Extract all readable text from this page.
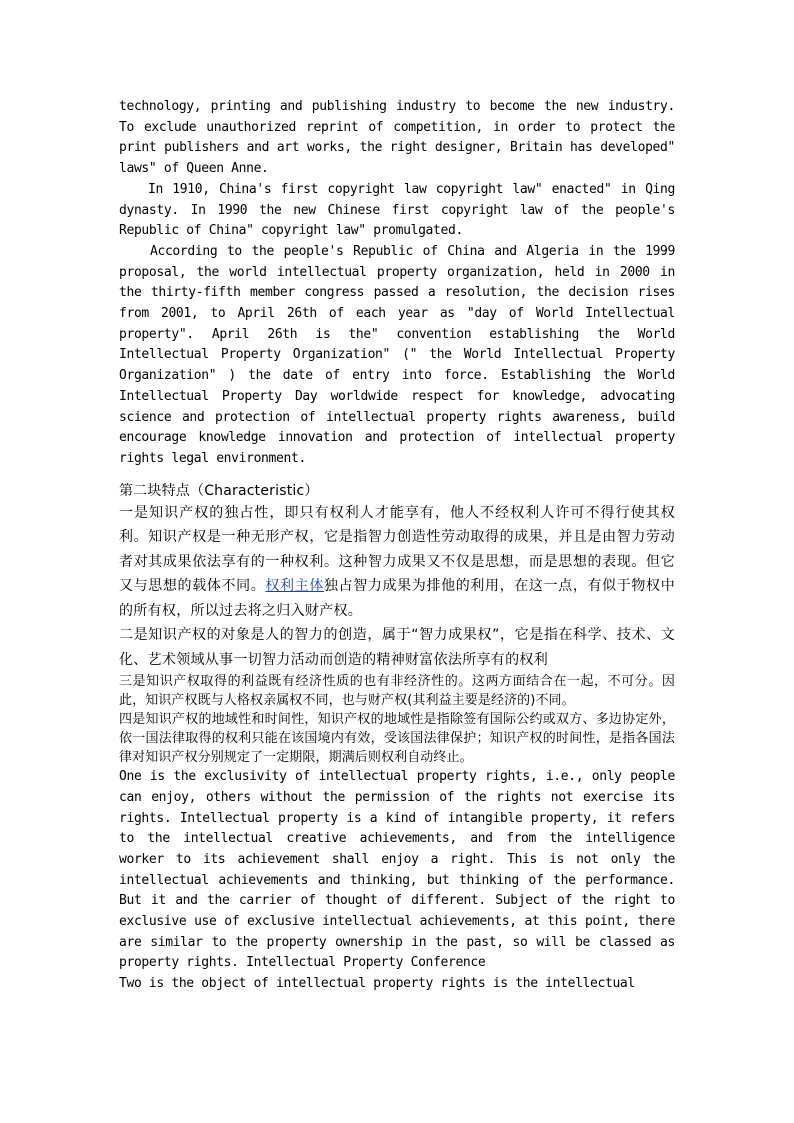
technology, printing and publishing industry to become the new industry. To exclude unauthorized reprint of competition, in order to protect the print publishers and art works, the right designer, Britain has developed" laws" of Queen Anne.

In 1910, China's first copyright law copyright law" enacted" in Qing dynasty. In 1990 the new Chinese first copyright law of the people's Republic of China" copyright law" promulgated.

According to the people's Republic of China and Algeria in the 1999 proposal, the world intellectual property organization, held in 2000 in the thirty-fifth member congress passed a resolution, the decision rises from 2001, to April 26th of each year as "day of World Intellectual property". April 26th is the" convention establishing the World Intellectual Property Organization" (" the World Intellectual Property Organization" ) the date of entry into force. Establishing the World Intellectual Property Day worldwide respect for knowledge, advocating science and protection of intellectual property rights awareness, build encourage knowledge innovation and protection of intellectual property rights legal environment.

第二块特点（Characteristic）

一是知识产权的独占性，即只有权利人才能享有，他人不经权利人许可不得行使其权利。知识产权是一种无形产权，它是指智力创造性劳动取得的成果，并且是由智力劳动者对其成果依法享有的一种权利。这种智力成果又不仅是思想，而是思想的表现。但它又与思想的载体不同。权利主体独占智力成果为排他的利用，在这一点，有似于物权中的所有权，所以过去将之归入财产权。

二是知识产权的对象是人的智力的创造，属于“智力成果权”，它是指在科学、技术、文化、艺术领域从事一切智力活动而创造的精神财富依法所享有的权利

三是知识产权取得的利益既有经济性质的也有非经济性的。这两方面结合在一起，不可分。因此，知识产权既与人格权亲属权不同，也与财产权(其利益主要是经济的)不同。

四是知识产权的地域性和时间性，知识产权的地域性是指除签有国际公约或双方、多边协定外，依一国法律取得的权利只能在该国境内有效，受该国法律保护；知识产权的时间性，是指各国法律对知识产权分别规定了一定期限，期满后则权利自动终止。

One is the exclusivity of intellectual property rights, i.e., only people can enjoy, others without the permission of the rights not exercise its rights. Intellectual property is a kind of intangible property, it refers to the intellectual creative achievements, and from the intelligence worker to its achievement shall enjoy a right. This is not only the intellectual achievements and thinking, but thinking of the performance. But it and the carrier of thought of different. Subject of the right to exclusive use of exclusive intellectual achievements, at this point, there are similar to the property ownership in the past, so will be classed as property rights. Intellectual Property Conference

Two is the object of intellectual property rights is the intellectual
